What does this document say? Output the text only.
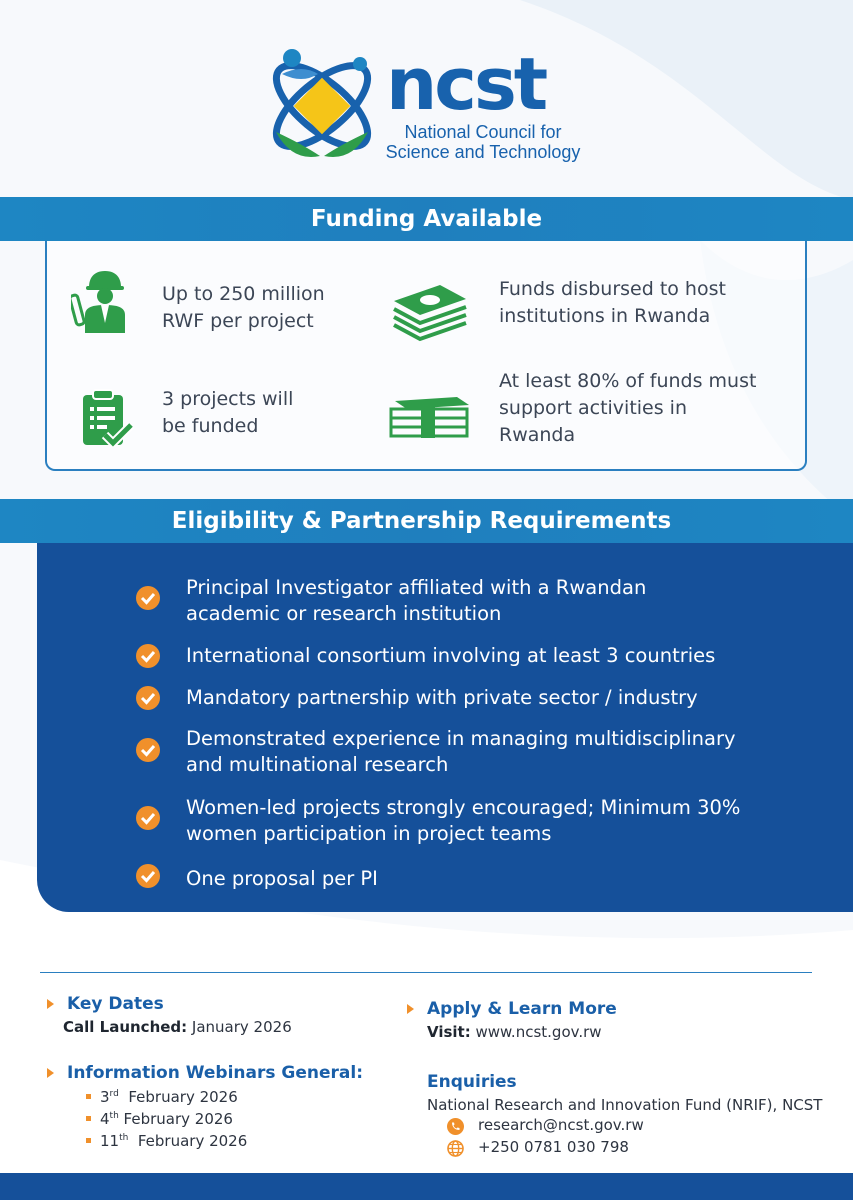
ncst
National Council for
Science and Technology
Funding Available
Up to 250 million
RWF per project
Funds disbursed to host
institutions in Rwanda
3 projects will
be funded
At least 80% of funds must
support activities in
Rwanda
Eligibility & Partnership Requirements
Principal Investigator affiliated with a Rwandan
academic or research institution
International consortium involving at least 3 countries
Mandatory partnership with private sector / industry
Demonstrated experience in managing multidisciplinary
and multinational research
Women-led projects strongly encouraged; Minimum 30%
women participation in project teams
One proposal per PI
Key Dates
Call Launched: January 2026
Information Webinars General:
3rd  February 2026
4th February 2026
11th  February 2026
Apply & Learn More
Visit: www.ncst.gov.rw
Enquiries
National Research and Innovation Fund (NRIF), NCST
research@ncst.gov.rw
+250 0781 030 798
